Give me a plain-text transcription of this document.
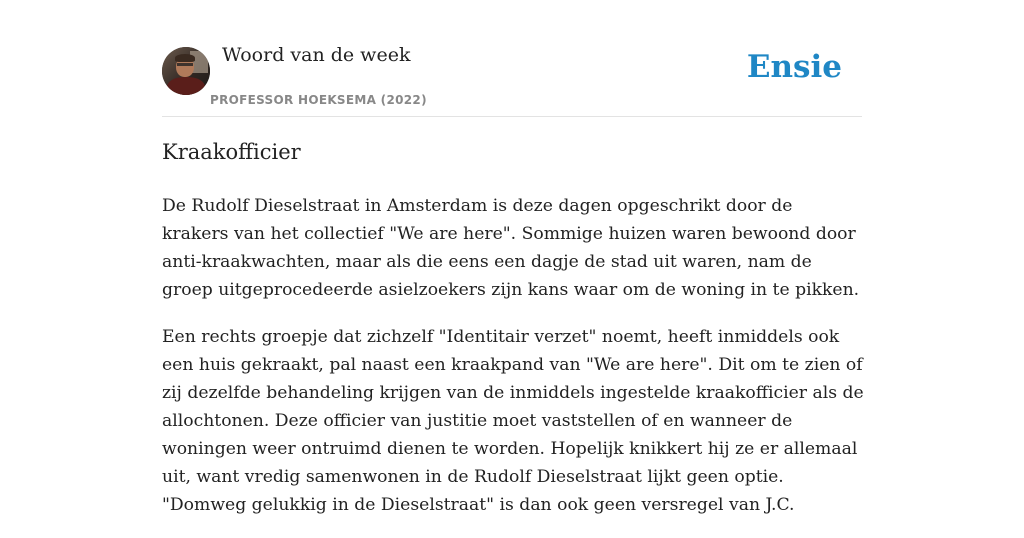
Woord van de week
PROFESSOR HOEKSEMA (2022)
Ensie
Kraakofficier

De Rudolf Dieselstraat in Amsterdam is deze dagen opgeschrikt door de krakers van het collectief "We are here". Sommige huizen waren bewoond door anti-kraakwachten, maar als die eens een dagje de stad uit waren, nam de groep uitgeprocedeerde asielzoekers zijn kans waar om de woning in te pikken.

Een rechts groepje dat zichzelf "Identitair verzet" noemt, heeft inmiddels ook een huis gekraakt, pal naast een kraakpand van "We are here". Dit om te zien of zij dezelfde behandeling krijgen van de inmiddels ingestelde kraakofficier als de allochtonen. Deze officier van justitie moet vaststellen of en wanneer de woningen weer ontruimd dienen te worden. Hopelijk knikkert hij ze er allemaal uit, want vredig samenwonen in de Rudolf Dieselstraat lijkt geen optie. "Domweg gelukkig in de Dieselstraat" is dan ook geen versregel van J.C.
